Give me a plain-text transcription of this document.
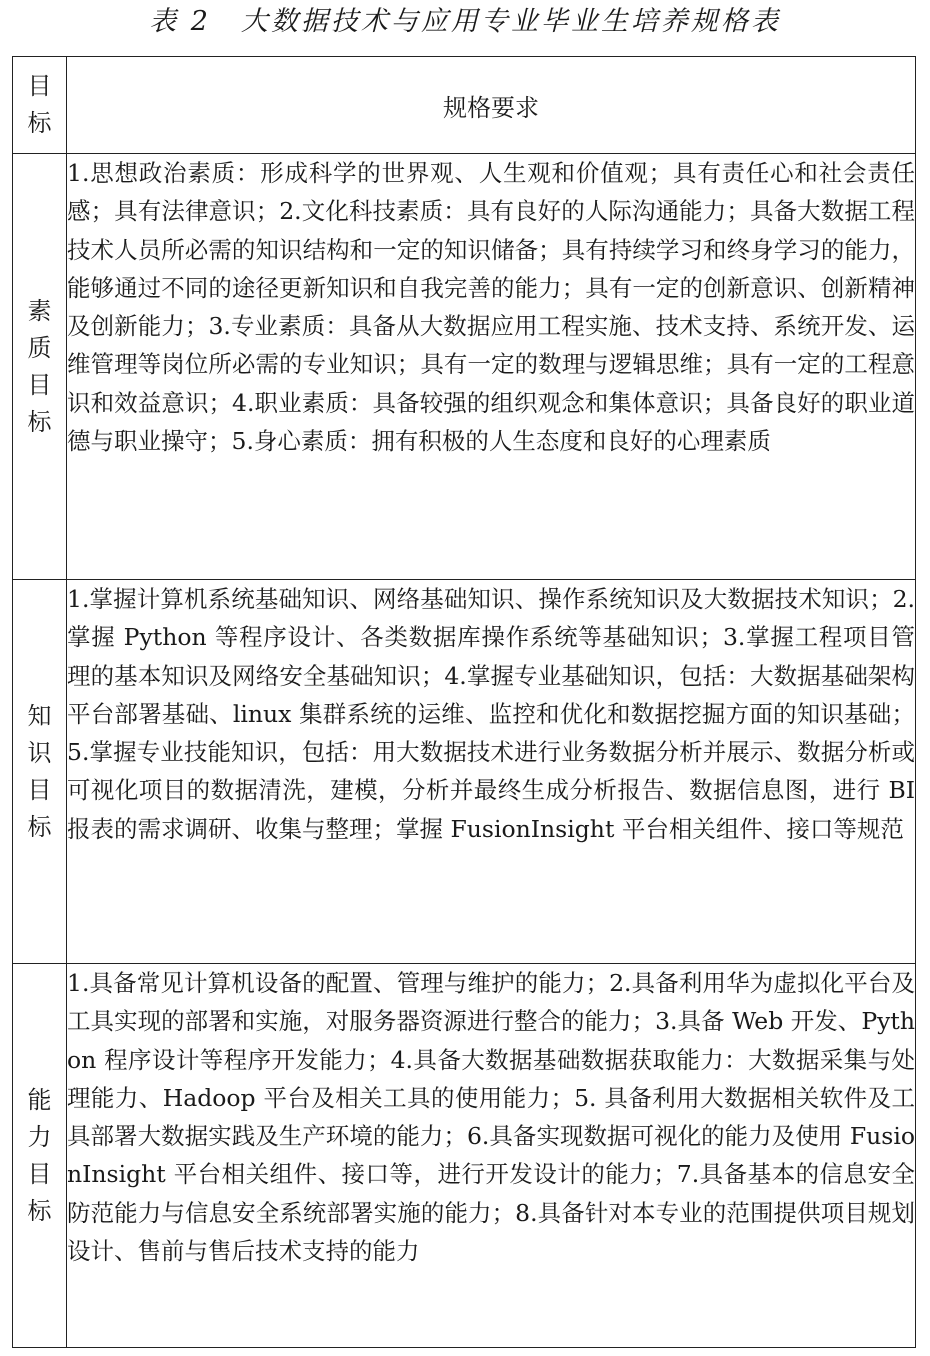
表 2　大数据技术与应用专业毕业生培养规格表
目标	规格要求
素质目标	1.思想政治素质：形成科学的世界观、人生观和价值观；具有责任心和社会责任感；具有法律意识；2.文化科技素质：具有良好的人际沟通能力；具备大数据工程技术人员所必需的知识结构和一定的知识储备；具有持续学习和终身学习的能力，能够通过不同的途径更新知识和自我完善的能力；具有一定的创新意识、创新精神及创新能力；3.专业素质：具备从大数据应用工程实施、技术支持、系统开发、运维管理等岗位所必需的专业知识；具有一定的数理与逻辑思维；具有一定的工程意识和效益意识；4.职业素质：具备较强的组织观念和集体意识；具备良好的职业道德与职业操守；5.身心素质：拥有积极的人生态度和良好的心理素质
知识目标	1.掌握计算机系统基础知识、网络基础知识、操作系统知识及大数据技术知识；2.掌握 Python 等程序设计、各类数据库操作系统等基础知识；3.掌握工程项目管理的基本知识及网络安全基础知识；4.掌握专业基础知识，包括：大数据基础架构平台部署基础、linux 集群系统的运维、监控和优化和数据挖掘方面的知识基础；5.掌握专业技能知识，包括：用大数据技术进行业务数据分析并展示、数据分析或可视化项目的数据清洗，建模，分析并最终生成分析报告、数据信息图，进行 BI 报表的需求调研、收集与整理；掌握 FusionInsight 平台相关组件、接口等规范
能力目标	1.具备常见计算机设备的配置、管理与维护的能力；2.具备利用华为虚拟化平台及工具实现的部署和实施，对服务器资源进行整合的能力；3.具备 Web 开发、Python 程序设计等程序开发能力；4.具备大数据基础数据获取能力：大数据采集与处理能力、Hadoop 平台及相关工具的使用能力；5. 具备利用大数据相关软件及工具部署大数据实践及生产环境的能力；6.具备实现数据可视化的能力及使用 FusionInsight 平台相关组件、接口等，进行开发设计的能力；7.具备基本的信息安全防范能力与信息安全系统部署实施的能力；8.具备针对本专业的范围提供项目规划设计、售前与售后技术支持的能力
